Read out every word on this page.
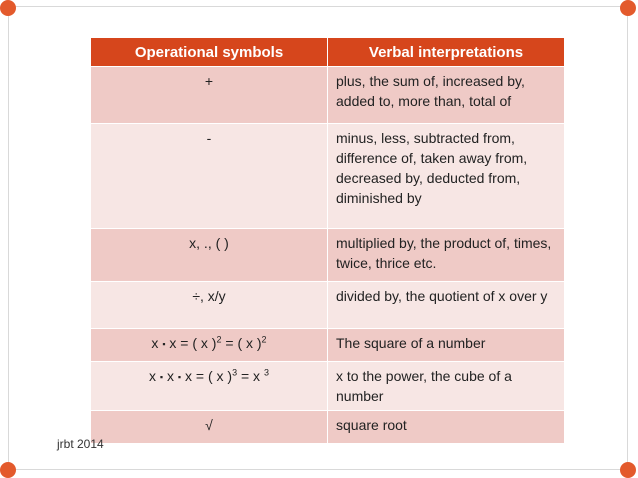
Operational symbols	Verbal interpretations
+	plus, the sum of, increased by, added to, more than, total of
-	minus, less, subtracted from, difference of, taken away from, decreased by, deducted from, diminished by
x, ., ( )	multiplied by, the product of, times, twice, thrice etc.
÷, x/y	divided by, the quotient of x over y
x ▪ x = ( x )$^2$ = ( x )$^2$	The square of a number
x ▪ x ▪ x = ( x )$^3$ = x $^3$	x to the power, the cube of a number
√	square root
jrbt 2014
